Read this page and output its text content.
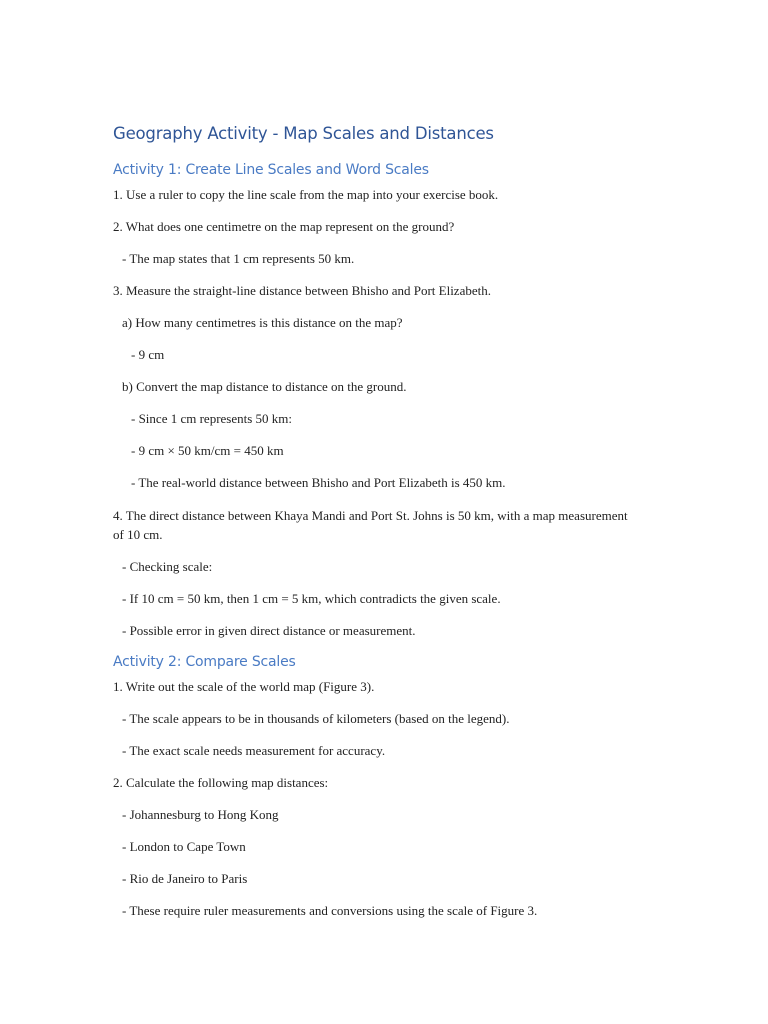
Geography Activity - Map Scales and Distances
Activity 1: Create Line Scales and Word Scales
1. Use a ruler to copy the line scale from the map into your exercise book.
2. What does one centimetre on the map represent on the ground?
- The map states that 1 cm represents 50 km.
3. Measure the straight-line distance between Bhisho and Port Elizabeth.
a) How many centimetres is this distance on the map?
- 9 cm
b) Convert the map distance to distance on the ground.
- Since 1 cm represents 50 km:
- 9 cm × 50 km/cm = 450 km
- The real-world distance between Bhisho and Port Elizabeth is 450 km.
4. The direct distance between Khaya Mandi and Port St. Johns is 50 km, with a map measurement of 10 cm.
- Checking scale:
- If 10 cm = 50 km, then 1 cm = 5 km, which contradicts the given scale.
- Possible error in given direct distance or measurement.
Activity 2: Compare Scales
1. Write out the scale of the world map (Figure 3).
- The scale appears to be in thousands of kilometers (based on the legend).
- The exact scale needs measurement for accuracy.
2. Calculate the following map distances:
- Johannesburg to Hong Kong
- London to Cape Town
- Rio de Janeiro to Paris
- These require ruler measurements and conversions using the scale of Figure 3.
